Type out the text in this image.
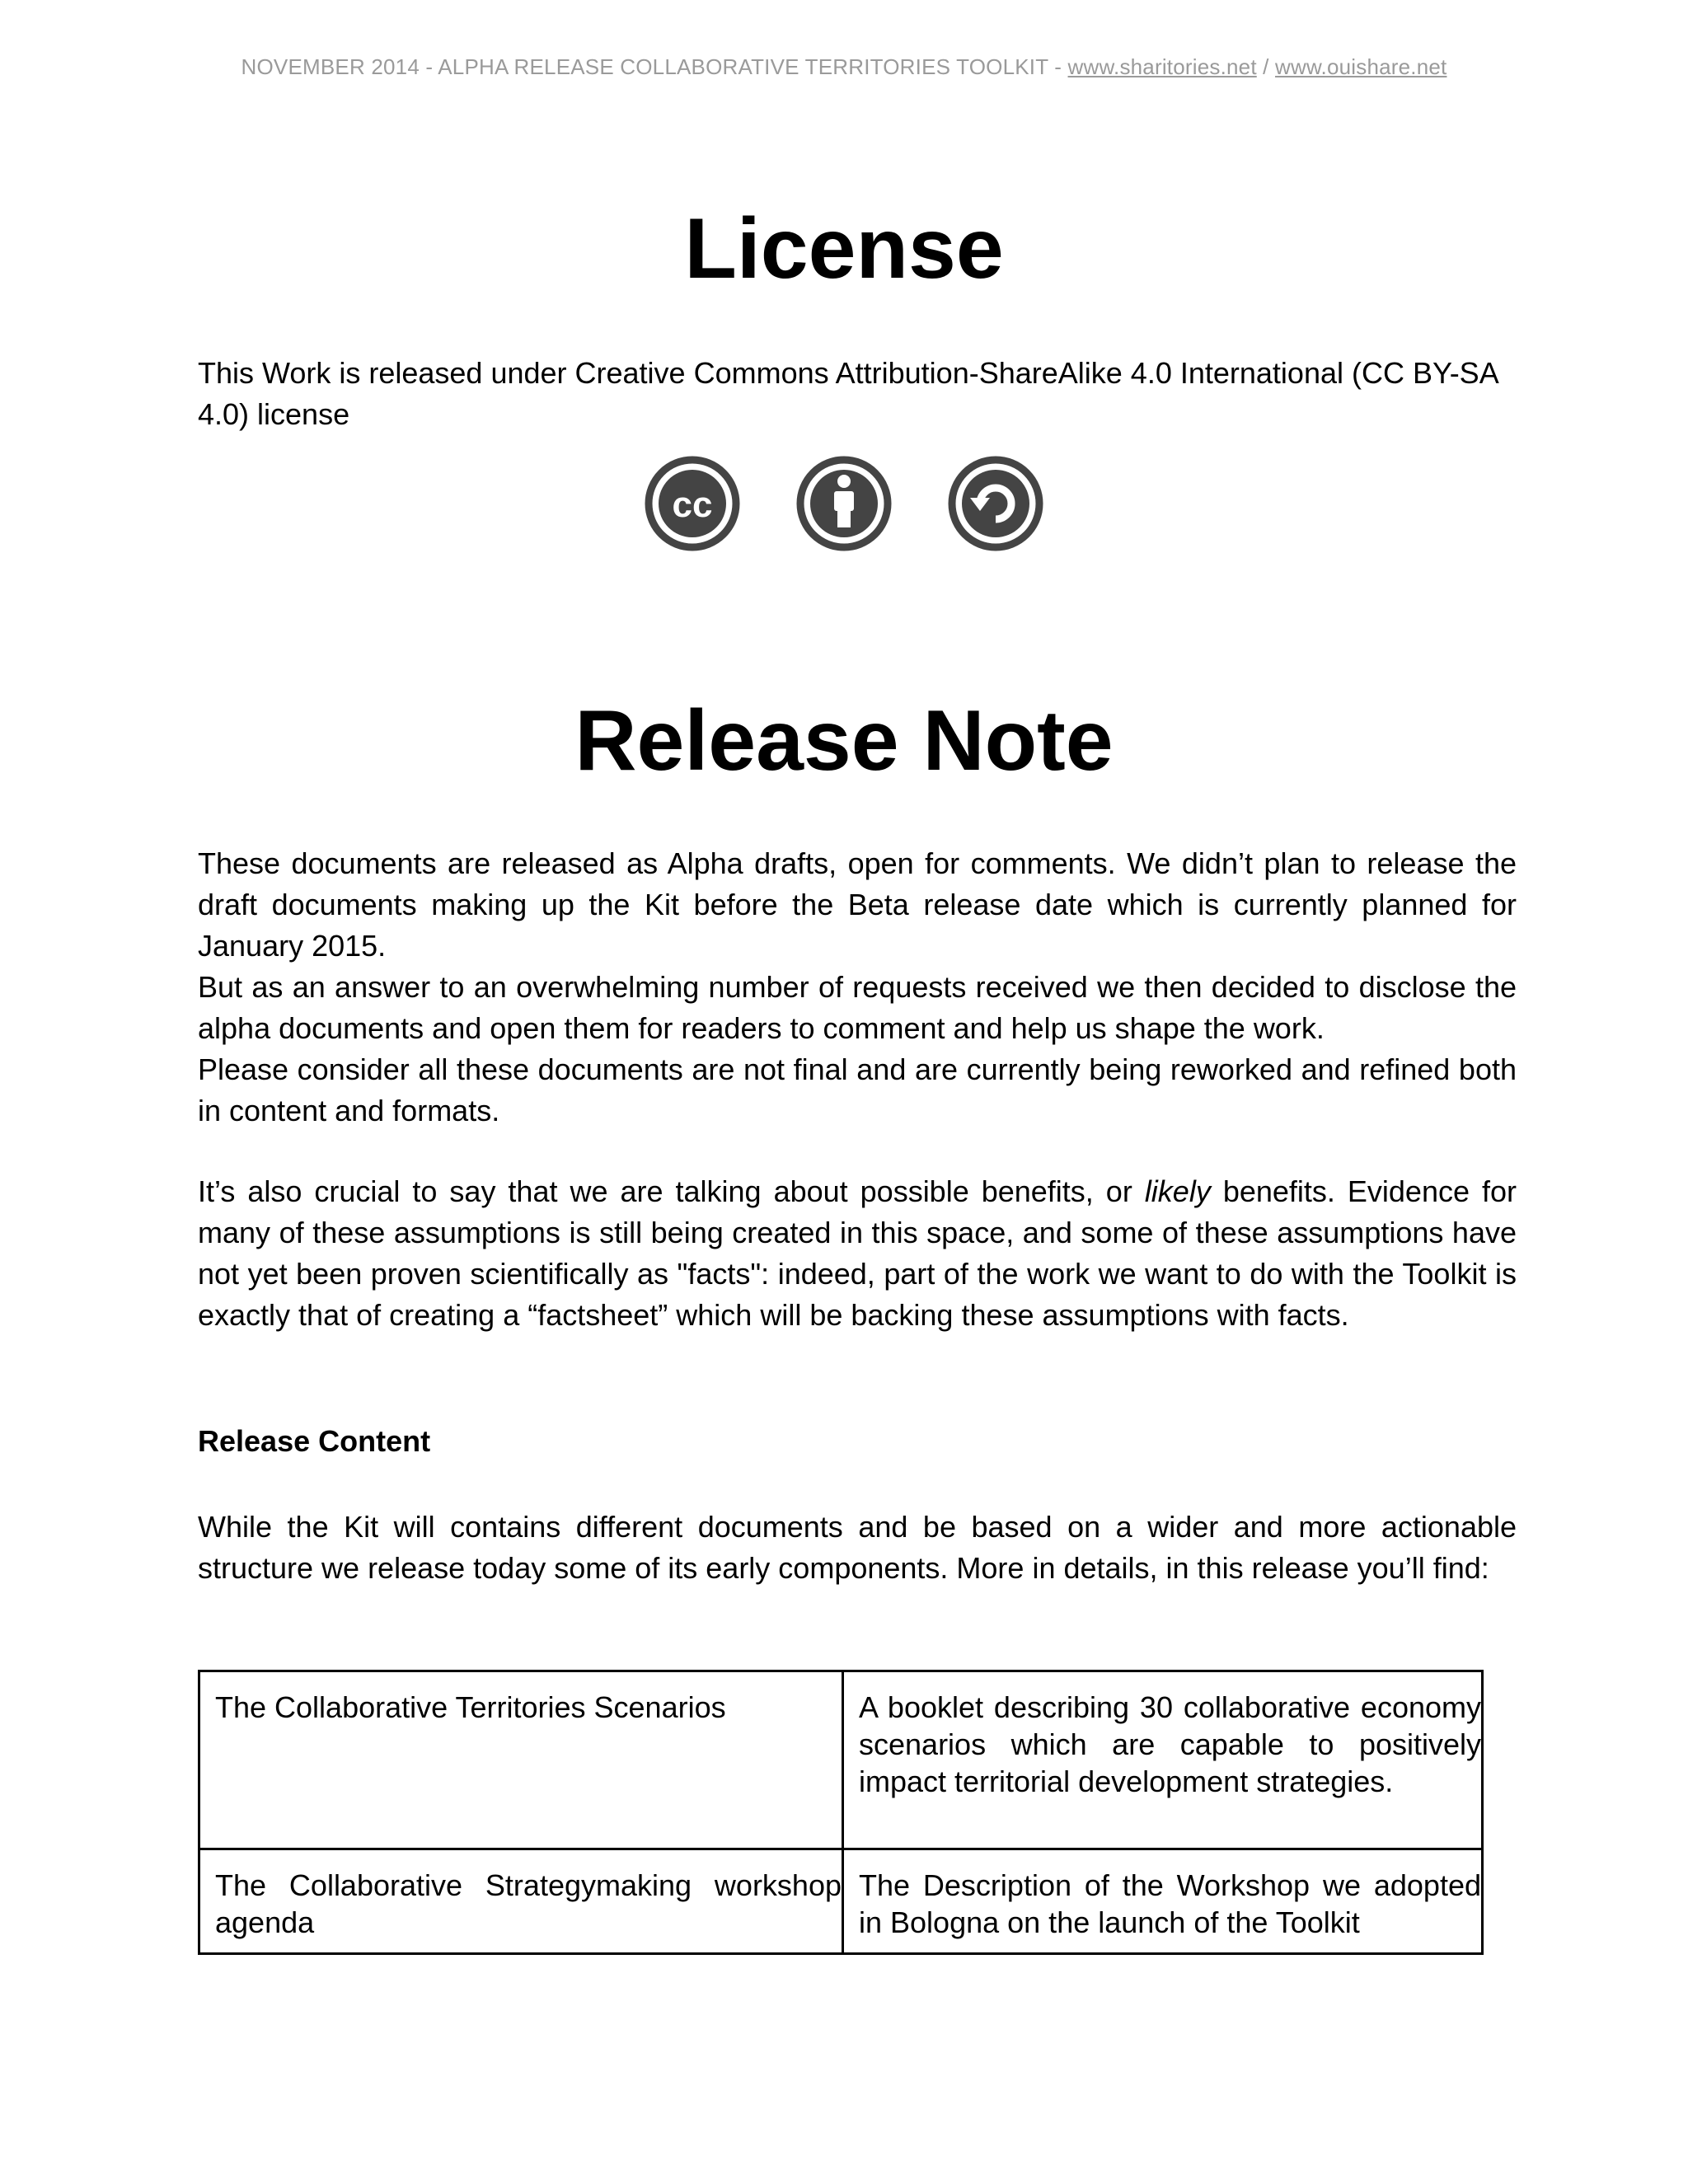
NOVEMBER 2014 - ALPHA RELEASE COLLABORATIVE TERRITORIES TOOLKIT - www.sharitories.net / www.ouishare.net
License

This Work is released under Creative Commons Attribution-ShareAlike 4.0 International (CC BY-SA 4.0) license

cc
Release Note
These documents are released as Alpha drafts, open for comments. We didn’t plan to release the draft documents making up the Kit before the Beta release date which is currently planned for January 2015.
But as an answer to an overwhelming number of requests received we then decided to disclose the alpha documents and open them for readers to comment and help us shape the work.
Please consider all these documents are not final and are currently being reworked and refined both in content and formats.

It’s also crucial to say that we are talking about possible benefits, or likely benefits. Evidence for many of these assumptions is still being created in this space, and some of these assumptions have not yet been proven scientifically as "facts": indeed, part of the work we want to do with the Toolkit is exactly that of creating a “factsheet” which will be backing these assumptions with facts.

Release Content

While the Kit will contains different documents and be based on a wider and more actionable structure we release today some of its early components. More in details, in this release you’ll find:

The Collaborative Territories Scenarios	A booklet describing 30 collaborative economy scenarios which are capable to positively impact territorial development strategies.

The Collaborative Strategymaking workshop agenda	The Description of the Workshop we adopted in Bologna on the launch of the Toolkit
